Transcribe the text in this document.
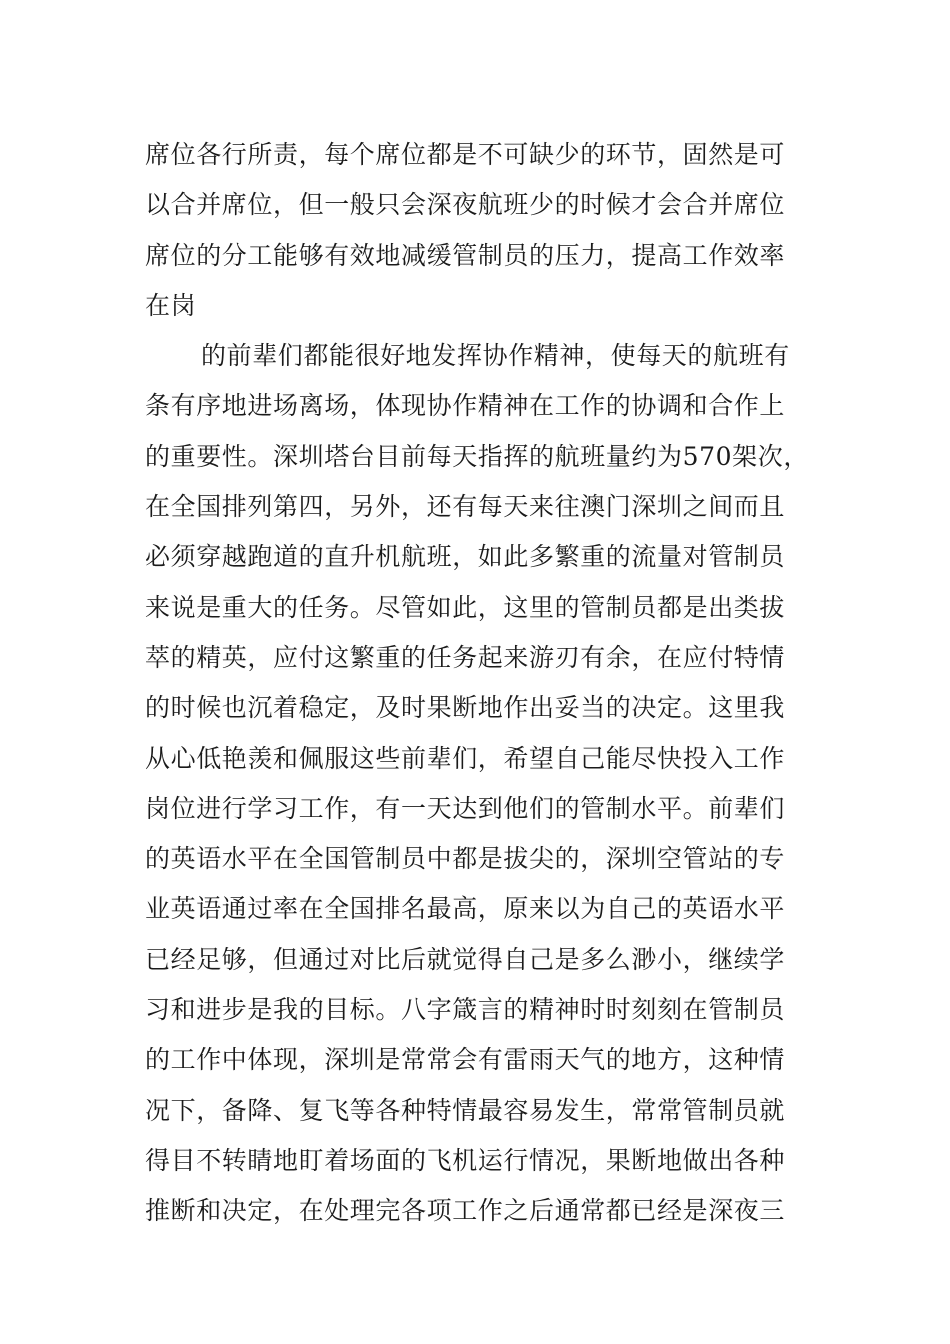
席位各行所责，每个席位都是不可缺少的环节，固然是可
以合并席位，但一般只会深夜航班少的时候才会合并席位
席位的分工能够有效地减缓管制员的压力，提高工作效率
在岗
的前辈们都能很好地发挥协作精神，使每天的航班有
条有序地进场离场，体现协作精神在工作的协调和合作上
的重要性。深圳塔台目前每天指挥的航班量约为570架次，
在全国排列第四，另外，还有每天来往澳门深圳之间而且
必须穿越跑道的直升机航班，如此多繁重的流量对管制员
来说是重大的任务。尽管如此，这里的管制员都是出类拔
萃的精英，应付这繁重的任务起来游刃有余，在应付特情
的时候也沉着稳定，及时果断地作出妥当的决定。这里我
从心低艳羡和佩服这些前辈们，希望自己能尽快投入工作
岗位进行学习工作，有一天达到他们的管制水平。前辈们
的英语水平在全国管制员中都是拔尖的，深圳空管站的专
业英语通过率在全国排名最高，原来以为自己的英语水平
已经足够，但通过对比后就觉得自己是多么渺小，继续学
习和进步是我的目标。八字箴言的精神时时刻刻在管制员
的工作中体现，深圳是常常会有雷雨天气的地方，这种情
况下，备降、复飞等各种特情最容易发生，常常管制员就
得目不转睛地盯着场面的飞机运行情况，果断地做出各种
推断和决定，在处理完各项工作之后通常都已经是深夜三
